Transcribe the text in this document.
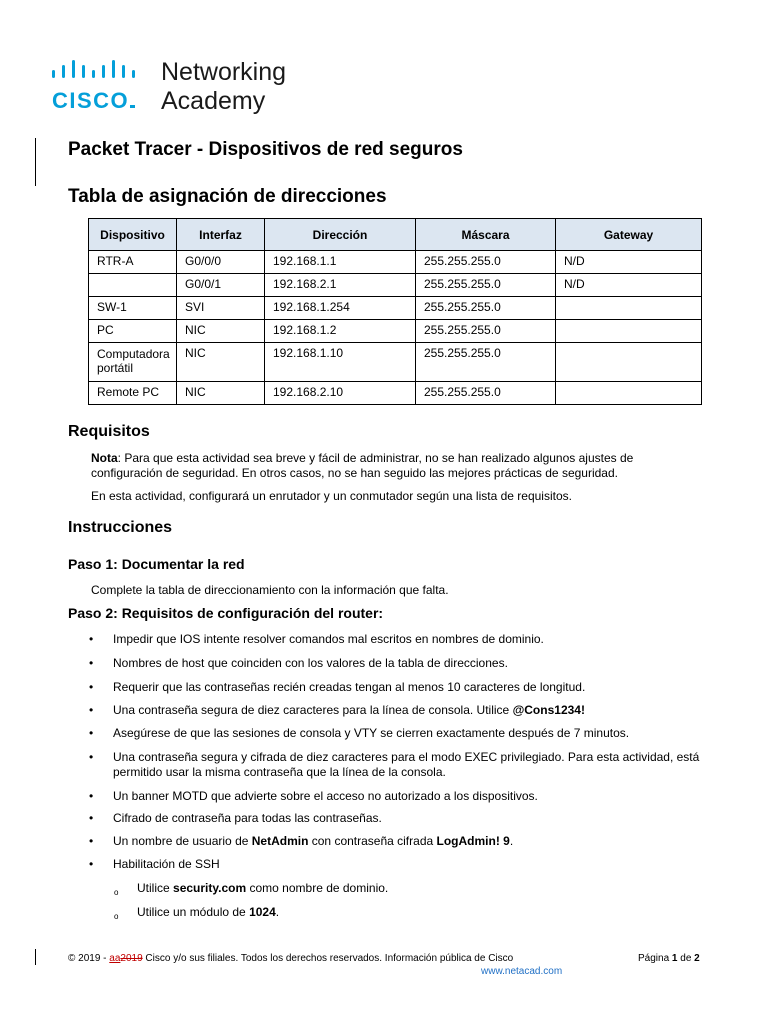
CISCO
Networking
Academy
Packet Tracer - Dispositivos de red seguros
Tabla de asignación de direcciones
Dispositivo	Interfaz	Dirección	Máscara	Gateway
RTR-A	G0/0/0	192.168.1.1	255.255.255.0	N/D
	G0/0/1	192.168.2.1	255.255.255.0	N/D
SW-1	SVI	192.168.1.254	255.255.255.0	
PC	NIC	192.168.1.2	255.255.255.0	
Computadora portátil	NIC	192.168.1.10	255.255.255.0	
Remote PC	NIC	192.168.2.10	255.255.255.0	
Requisitos
Nota: Para que esta actividad sea breve y fácil de administrar, no se han realizado algunos ajustes de configuración de seguridad. En otros casos, no se han seguido las mejores prácticas de seguridad.
En esta actividad, configurará un enrutador y un conmutador según una lista de requisitos.
Instrucciones
Paso 1: Documentar la red
Complete la tabla de direccionamiento con la información que falta.
Paso 2: Requisitos de configuración del router:
• Impedir que IOS intente resolver comandos mal escritos en nombres de dominio.
• Nombres de host que coinciden con los valores de la tabla de direcciones.
• Requerir que las contraseñas recién creadas tengan al menos 10 caracteres de longitud.
• Una contraseña segura de diez caracteres para la línea de consola. Utilice @Cons1234!
• Asegúrese de que las sesiones de consola y VTY se cierren exactamente después de 7 minutos.
• Una contraseña segura y cifrada de diez caracteres para el modo EXEC privilegiado. Para esta actividad, está permitido usar la misma contraseña que la línea de la consola.
• Un banner MOTD que advierte sobre el acceso no autorizado a los dispositivos.
• Cifrado de contraseña para todas las contraseñas.
• Un nombre de usuario de NetAdmin con contraseña cifrada LogAdmin! 9.
• Habilitación de SSH
o Utilice security.com como nombre de dominio.
o Utilice un módulo de 1024.
© 2019 - aa2019 Cisco y/o sus filiales. Todos los derechos reservados. Información pública de Cisco	Página 1 de 2
www.netacad.com
